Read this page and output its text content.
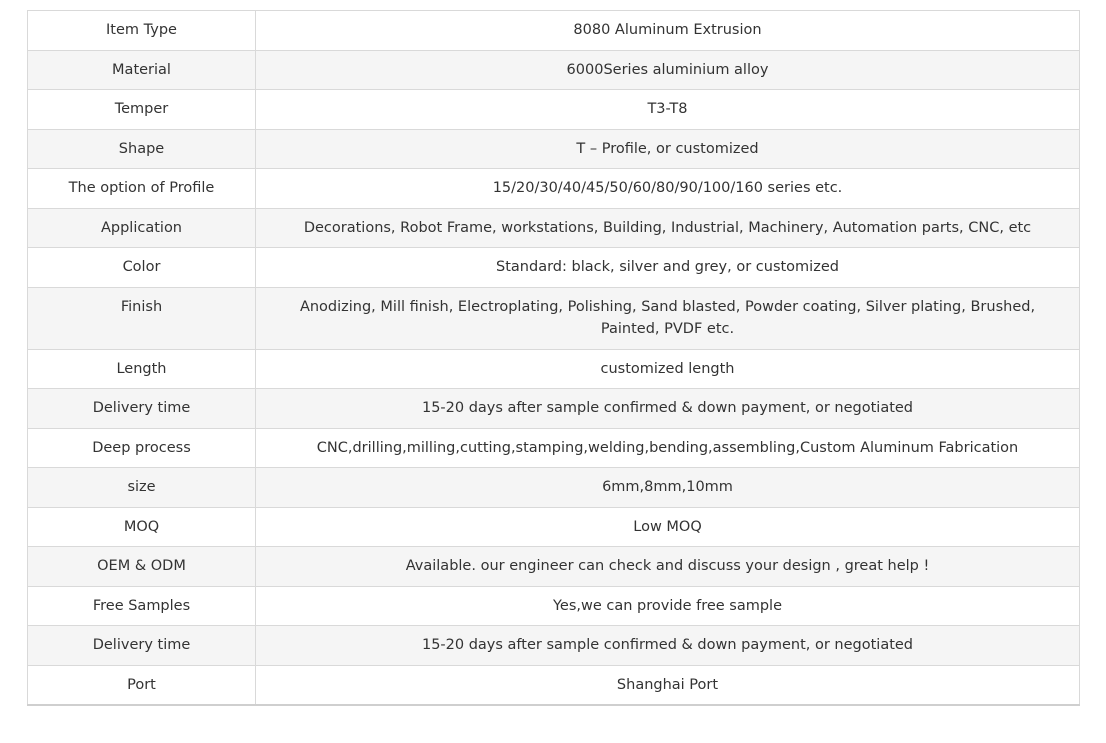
Item Type	8080 Aluminum Extrusion
Material	6000Series aluminium alloy
Temper	T3-T8
Shape	T – Profile, or customized
The option of Profile	15/20/30/40/45/50/60/80/90/100/160 series etc.
Application	Decorations, Robot Frame, workstations, Building, Industrial, Machinery, Automation parts, CNC, etc
Color	Standard: black, silver and grey, or customized
Finish	Anodizing, Mill finish, Electroplating, Polishing, Sand blasted, Powder coating, Silver plating, Brushed, Painted, PVDF etc.
Length	customized length
Delivery time	15-20 days after sample confirmed & down payment, or negotiated
Deep process	CNC,drilling,milling,cutting,stamping,welding,bending,assembling,Custom Aluminum Fabrication
size	6mm,8mm,10mm
MOQ	Low MOQ
OEM & ODM	Available. our engineer can check and discuss your design , great help !
Free Samples	Yes,we can provide free sample
Delivery time	15-20 days after sample confirmed & down payment, or negotiated
Port	Shanghai Port
